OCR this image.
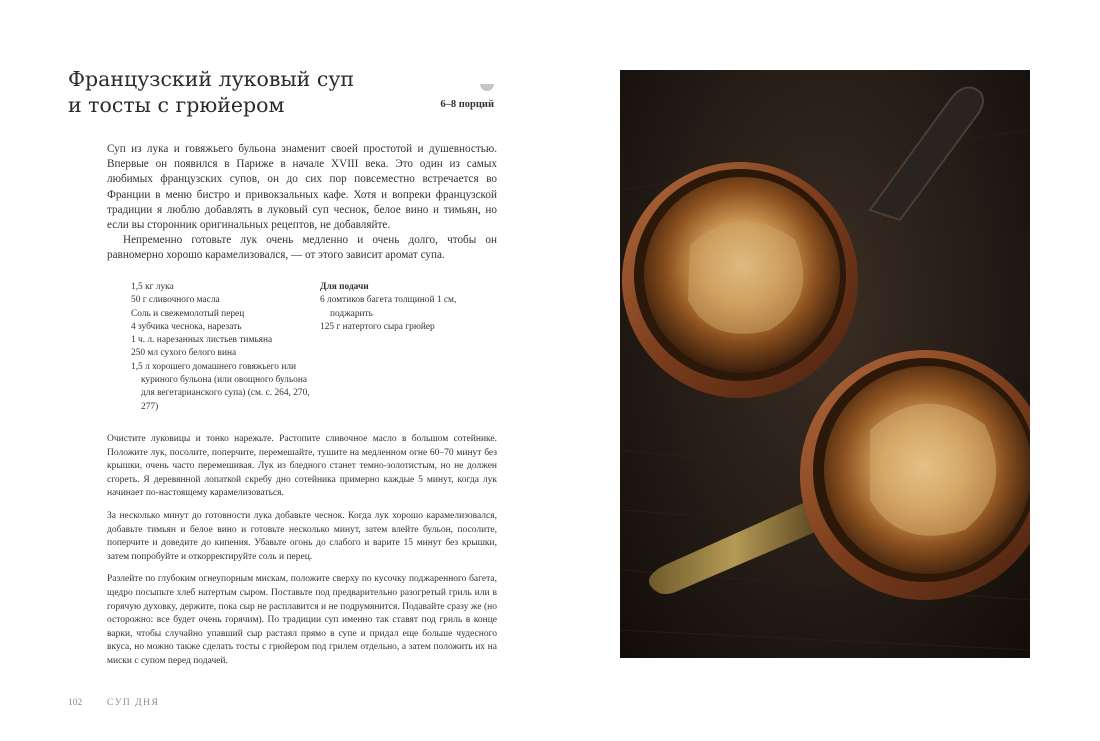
Французский луковый суп
и тосты с грюйером	6–8 порций

Суп из лука и говяжьего бульона знаменит своей простотой и душевностью. Впервые он появился в Париже в начале XVIII века. Это один из самых любимых французских супов, он до сих пор повсеместно встречается во Франции в меню бистро и привокзальных кафе. Хотя и вопреки французской традиции я люблю добавлять в луковый суп чеснок, белое вино и тимьян, но если вы сторонник оригинальных рецептов, не добавляйте.

Непременно готовьте лук очень медленно и очень долго, чтобы он равномерно хорошо карамелизовался, — от этого зависит аромат супа.

1,5 кг лука
50 г сливочного масла
Соль и свежемолотый перец
4 зубчика чеснока, нарезать
1 ч. л. нарезанных листьев тимьяна
250 мл сухого белого вина
1,5 л хорошего домашнего говяжьего или куриного бульона (или овощного бульона для вегетарианского супа) (см. с. 264, 270, 277)
Для подачи
6 ломтиков багета толщиной 1 см, поджарить
125 г натертого сыра грюйер

Очистите луковицы и тонко нарежьте. Растопите сливочное масло в большом сотейнике. Положите лук, посолите, поперчите, перемешайте, тушите на медленном огне 60–70 минут без крышки, очень часто перемешивая. Лук из бледного станет темно-золотистым, но не должен сгореть. Я деревянной лопаткой скребу дно сотейника примерно каждые 5 минут, когда лук начинает по-настоящему карамелизоваться.

За несколько минут до готовности лука добавьте чеснок. Когда лук хорошо карамелизовался, добавьте тимьян и белое вино и готовьте несколько минут, затем влейте бульон, посолите, поперчите и доведите до кипения. Убавьте огонь до слабого и варите 15 минут без крышки, затем попробуйте и откорректируйте соль и перец.

Разлейте по глубоким огнеупорным мискам, положите сверху по кусочку поджаренного багета, щедро посыпьте хлеб натертым сыром. Поставьте под предварительно разогретый гриль или в горячую духовку, держите, пока сыр не расплавится и не подрумянится. Подавайте сразу же (но осторожно: все будет очень горячим). По традиции суп именно так ставят под гриль в конце варки, чтобы случайно упавший сыр растаял прямо в супе и придал еще больше чудесного вкуса, но можно также сделать тосты с грюйером под грилем отдельно, а затем положить их на миски с супом перед подачей.

102	СУП ДНЯ
